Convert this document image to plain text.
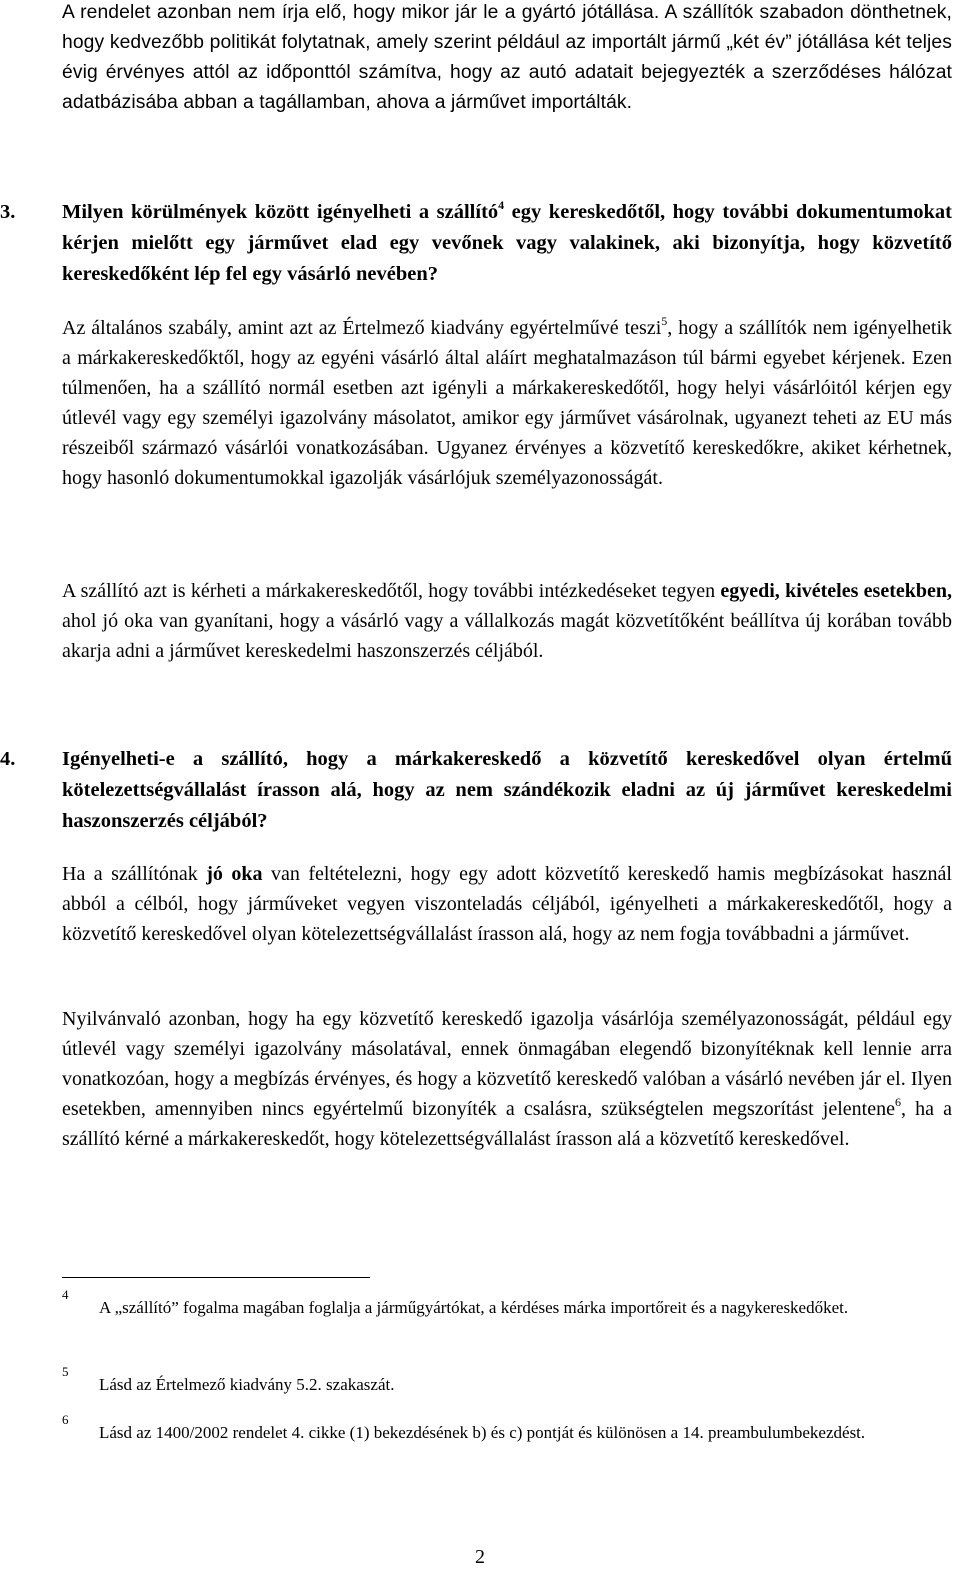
A rendelet azonban nem írja elő, hogy mikor jár le a gyártó jótállása. A szállítók szabadon dönthetnek, hogy kedvezőbb politikát folytatnak, amely szerint például az importált jármű „két év” jótállása két teljes évig érvényes attól az időponttól számítva, hogy az autó adatait bejegyezték a szerződéses hálózat adatbázisába abban a tagállamban, ahova a járművet importálták.

3. Milyen körülmények között igényelheti a szállító$^4$ egy kereskedőtől, hogy további dokumentumokat kérjen mielőtt egy járművet elad egy vevőnek vagy valakinek, aki bizonyítja, hogy közvetítő kereskedőként lép fel egy vásárló nevében?

Az általános szabály, amint azt az Értelmező kiadvány egyértelművé teszi$^5$, hogy a szállítók nem igényelhetik a márkakereskedőktől, hogy az egyéni vásárló által aláírt meghatalmazáson túl bármi egyebet kérjenek. Ezen túlmenően, ha a szállító normál esetben azt igényli a márkakereskedőtől, hogy helyi vásárlóitól kérjen egy útlevél vagy egy személyi igazolvány másolatot, amikor egy járművet vásárolnak, ugyanezt teheti az EU más részeiből származó vásárlói vonatkozásában. Ugyanez érvényes a közvetítő kereskedőkre, akiket kérhetnek, hogy hasonló dokumentumokkal igazolják vásárlójuk személyazonosságát.

A szállító azt is kérheti a márkakereskedőtől, hogy további intézkedéseket tegyen egyedi, kivételes esetekben, ahol jó oka van gyanítani, hogy a vásárló vagy a vállalkozás magát közvetítőként beállítva új korában tovább akarja adni a járművet kereskedelmi haszonszerzés céljából.

4. Igényelheti-e a szállító, hogy a márkakereskedő a közvetítő kereskedővel olyan értelmű kötelezettségvállalást írasson alá, hogy az nem szándékozik eladni az új járművet kereskedelmi haszonszerzés céljából?

Ha a szállítónak jó oka van feltételezni, hogy egy adott közvetítő kereskedő hamis megbízásokat használ abból a célból, hogy járműveket vegyen viszonteladás céljából, igényelheti a márkakereskedőtől, hogy a közvetítő kereskedővel olyan kötelezettségvállalást írasson alá, hogy az nem fogja továbbadni a járművet.

Nyilvánvaló azonban, hogy ha egy közvetítő kereskedő igazolja vásárlója személyazonosságát, például egy útlevél vagy személyi igazolvány másolatával, ennek önmagában elegendő bizonyítéknak kell lennie arra vonatkozóan, hogy a megbízás érvényes, és hogy a közvetítő kereskedő valóban a vásárló nevében jár el. Ilyen esetekben, amennyiben nincs egyértelmű bizonyíték a csalásra, szükségtelen megszorítást jelentene$^6$, ha a szállító kérné a márkakereskedőt, hogy kötelezettségvállalást írasson alá a közvetítő kereskedővel.

4
A „szállító” fogalma magában foglalja a járműgyártókat, a kérdéses márka importőreit és a nagykereskedőket.
5
Lásd az Értelmező kiadvány 5.2. szakaszát.
6
Lásd az 1400/2002 rendelet 4. cikke (1) bekezdésének b) és c) pontját és különösen a 14. preambulumbekezdést.
2
